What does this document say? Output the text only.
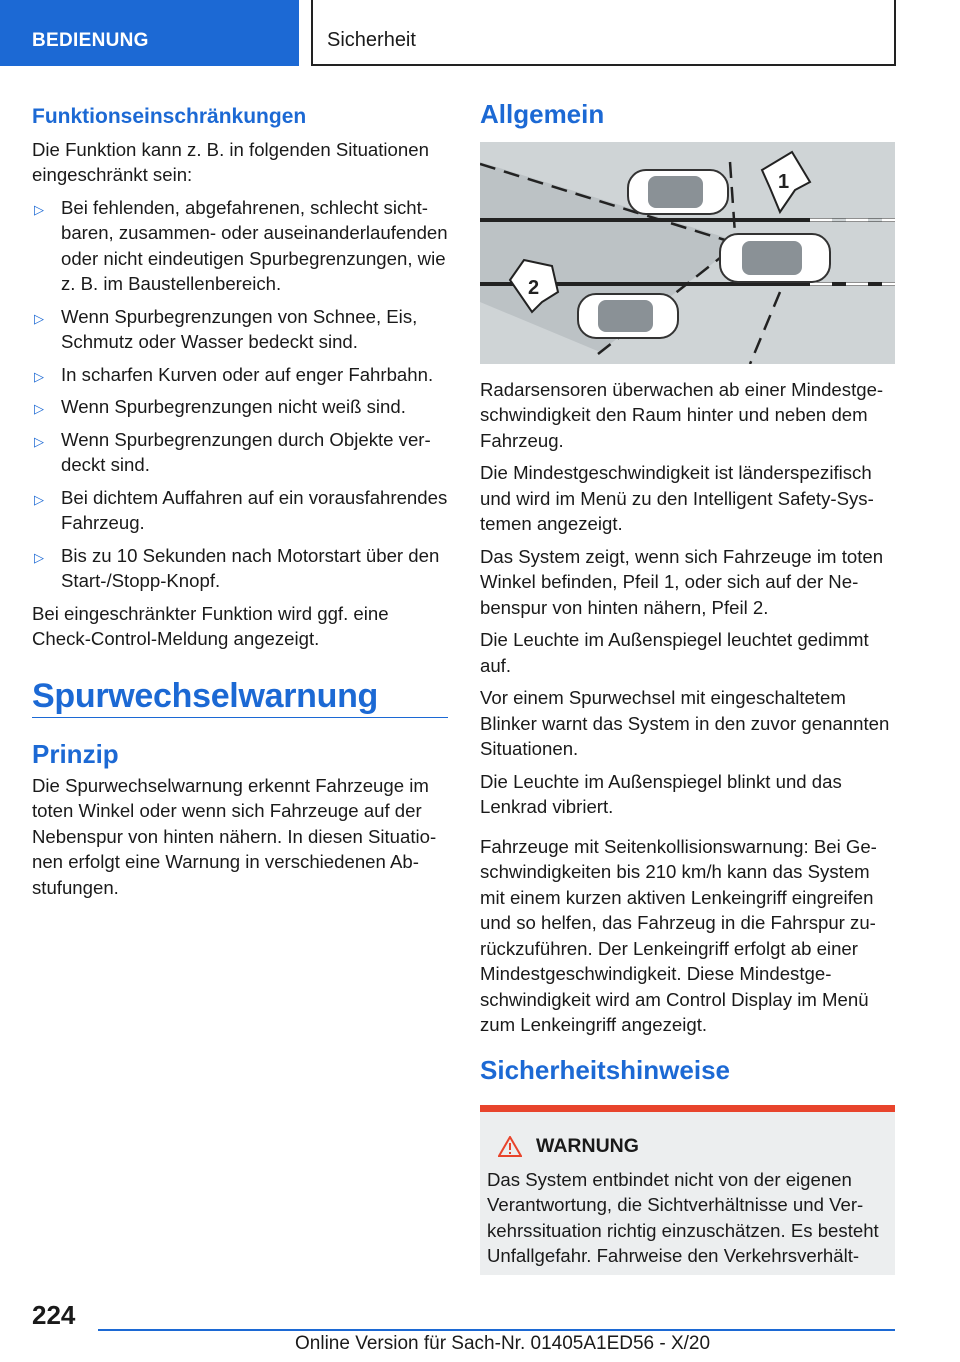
BEDIENUNG	Sicherheit
Funktionseinschränkungen

Die Funktion kann z. B. in folgenden Situationen eingeschränkt sein:

▷ Bei fehlenden, abgefahrenen, schlecht sichtbaren, zusammen- oder auseinanderlaufenden oder nicht eindeutigen Spurbegrenzungen, wie z. B. im Baustellenbereich.
▷ Wenn Spurbegrenzungen von Schnee, Eis, Schmutz oder Wasser bedeckt sind.
▷ In scharfen Kurven oder auf enger Fahrbahn.
▷ Wenn Spurbegrenzungen nicht weiß sind.
▷ Wenn Spurbegrenzungen durch Objekte verdeckt sind.
▷ Bei dichtem Auffahren auf ein vorausfahrendes Fahrzeug.
▷ Bis zu 10 Sekunden nach Motorstart über den Start-/Stopp-Knopf.

Bei eingeschränkter Funktion wird ggf. eine Check-Control-Meldung angezeigt.

Spurwechselwarnung
Prinzip

Die Spurwechselwarnung erkennt Fahrzeuge im toten Winkel oder wenn sich Fahrzeuge auf der Nebenspur von hinten nähern. In diesen Situationen erfolgt eine Warnung in verschiedenen Abstufungen.

Allgemein
1
2

Radarsensoren überwachen ab einer Mindestgeschwindigkeit den Raum hinter und neben dem Fahrzeug.

Die Mindestgeschwindigkeit ist länderspezifisch und wird im Menü zu den Intelligent Safety-Systemen angezeigt.

Das System zeigt, wenn sich Fahrzeuge im toten Winkel befinden, Pfeil 1, oder sich auf der Nebenspur von hinten nähern, Pfeil 2.

Die Leuchte im Außenspiegel leuchtet gedimmt auf.

Vor einem Spurwechsel mit eingeschaltetem Blinker warnt das System in den zuvor genannten Situationen.

Die Leuchte im Außenspiegel blinkt und das Lenkrad vibriert.

Fahrzeuge mit Seitenkollisionswarnung: Bei Geschwindigkeiten bis 210 km/h kann das System mit einem kurzen aktiven Lenkeingriff eingreifen und so helfen, das Fahrzeug in die Fahrspur zurückzuführen. Der Lenkeingriff erfolgt ab einer Mindestgeschwindigkeit. Diese Mindestgeschwindigkeit wird am Control Display im Menü zum Lenkeingriff angezeigt.

Sicherheitshinweise
WARNUNG

Das System entbindet nicht von der eigenen Verantwortung, die Sichtverhältnisse und Verkehrssituation richtig einzuschätzen. Es besteht Unfallgefahr. Fahrweise den Verkehrsverhält-

224
Online Version für Sach-Nr. 01405A1ED56 - X/20
